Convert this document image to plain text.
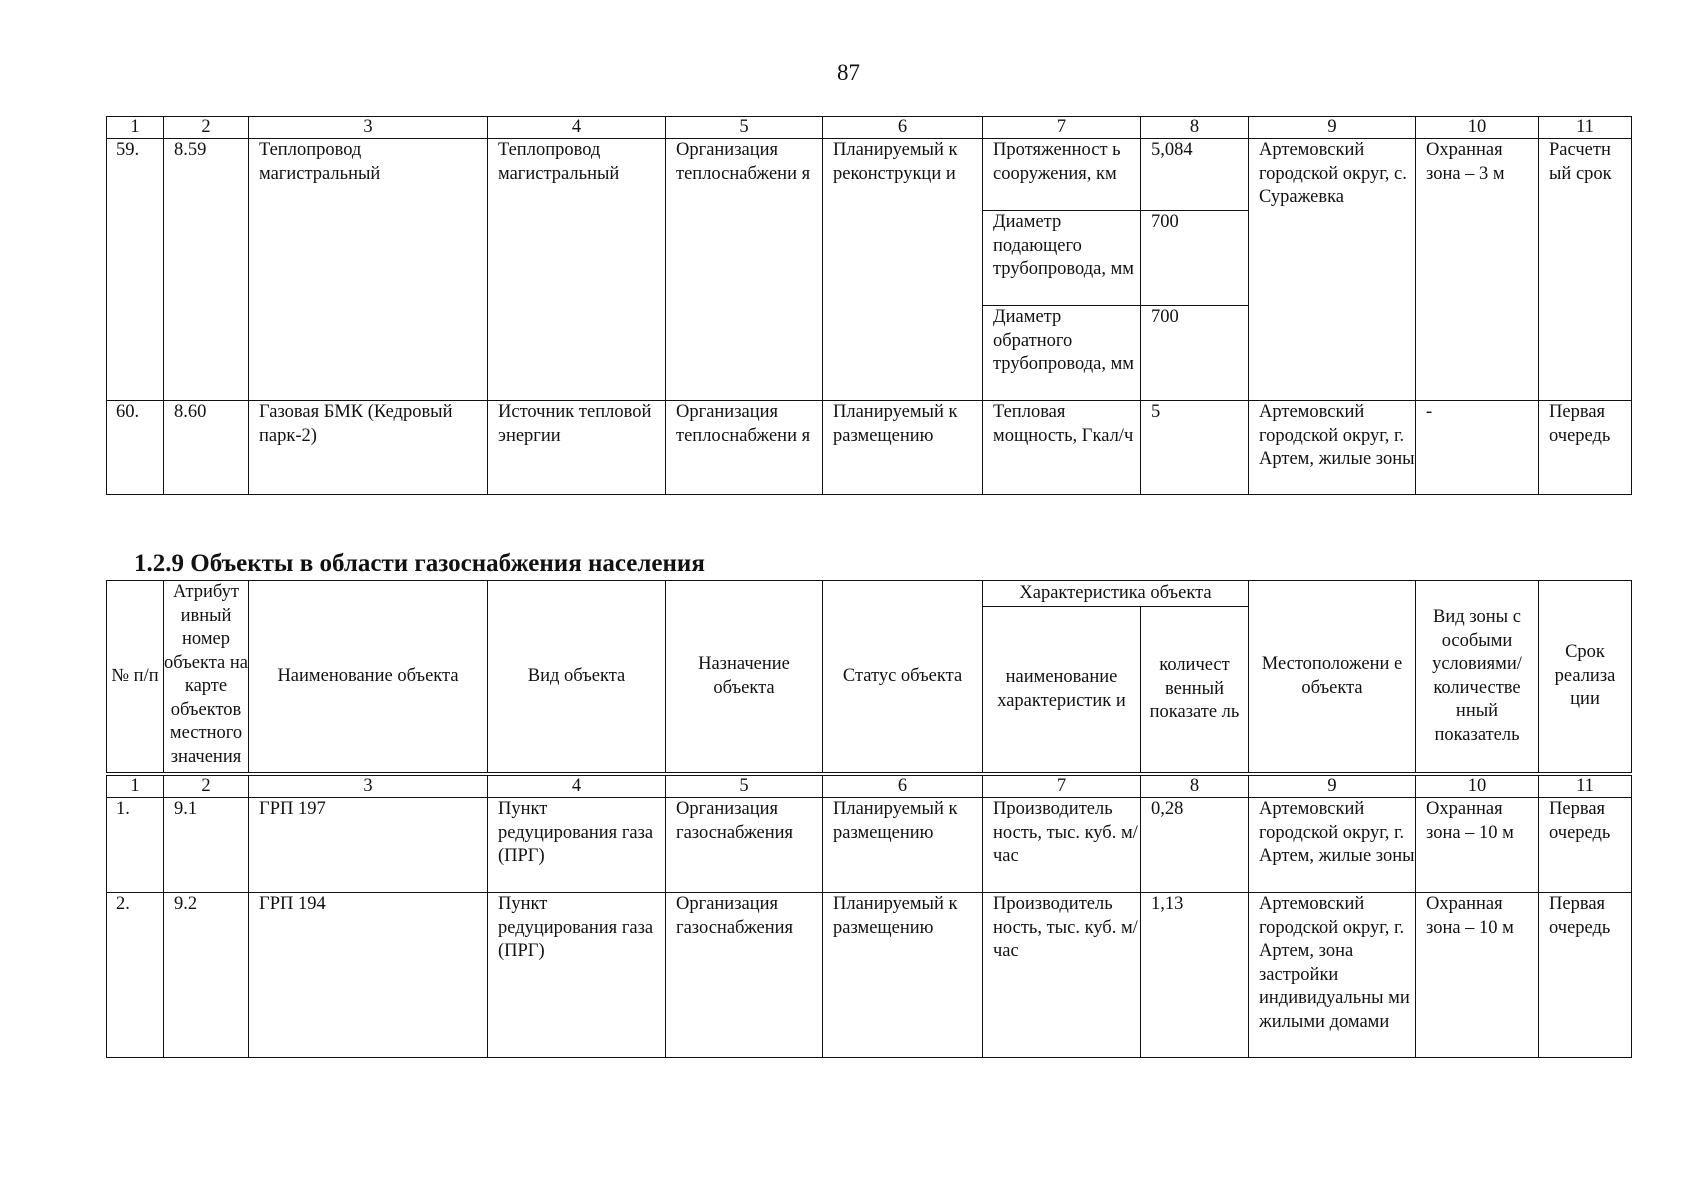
87
1	2	3	4	5	6	7	8	9	10	11
59.	8.59	Теплопровод магистральный	Теплопровод магистральный	Организация теплоснабжени я	Планируемый к реконструкци и	Протяженност ь сооружения, км	5,084	Артемовский городской округ, с. Суражевка	Охранная зона – 3 м	Расчетн ый срок
						Диаметр подающего трубопровода, мм	700			
						Диаметр обратного трубопровода, мм	700			
60.	8.60	Газовая БМК (Кедровый парк-2)	Источник тепловой энергии	Организация теплоснабжени я	Планируемый к размещению	Тепловая мощность, Гкал/ч	5	Артемовский городской округ, г. Артем, жилые зоны	-	Первая очередь
1.2.9 Объекты в области газоснабжения населения
№ п/п	Атрибут ивный номер объекта на карте объектов местного значения	Наименование объекта	Вид объекта	Назначение объекта	Статус объекта	Характеристика объекта		Местоположени е объекта	Вид зоны с особыми условиями/ количестве нный показатель	Срок реализа ции
						наименование характеристик и	количест венный показате ль			
1	2	3	4	5	6	7	8	9	10	11
1.	9.1	ГРП 197	Пункт редуцирования газа (ПРГ)	Организация газоснабжения	Планируемый к размещению	Производитель ность, тыс. куб. м/час	0,28	Артемовский городской округ, г. Артем, жилые зоны	Охранная зона – 10 м	Первая очередь
2.	9.2	ГРП 194	Пункт редуцирования газа (ПРГ)	Организация газоснабжения	Планируемый к размещению	Производитель ность, тыс. куб. м/час	1,13	Артемовский городской округ, г. Артем, зона застройки индивидуальны ми жилыми домами	Охранная зона – 10 м	Первая очередь
